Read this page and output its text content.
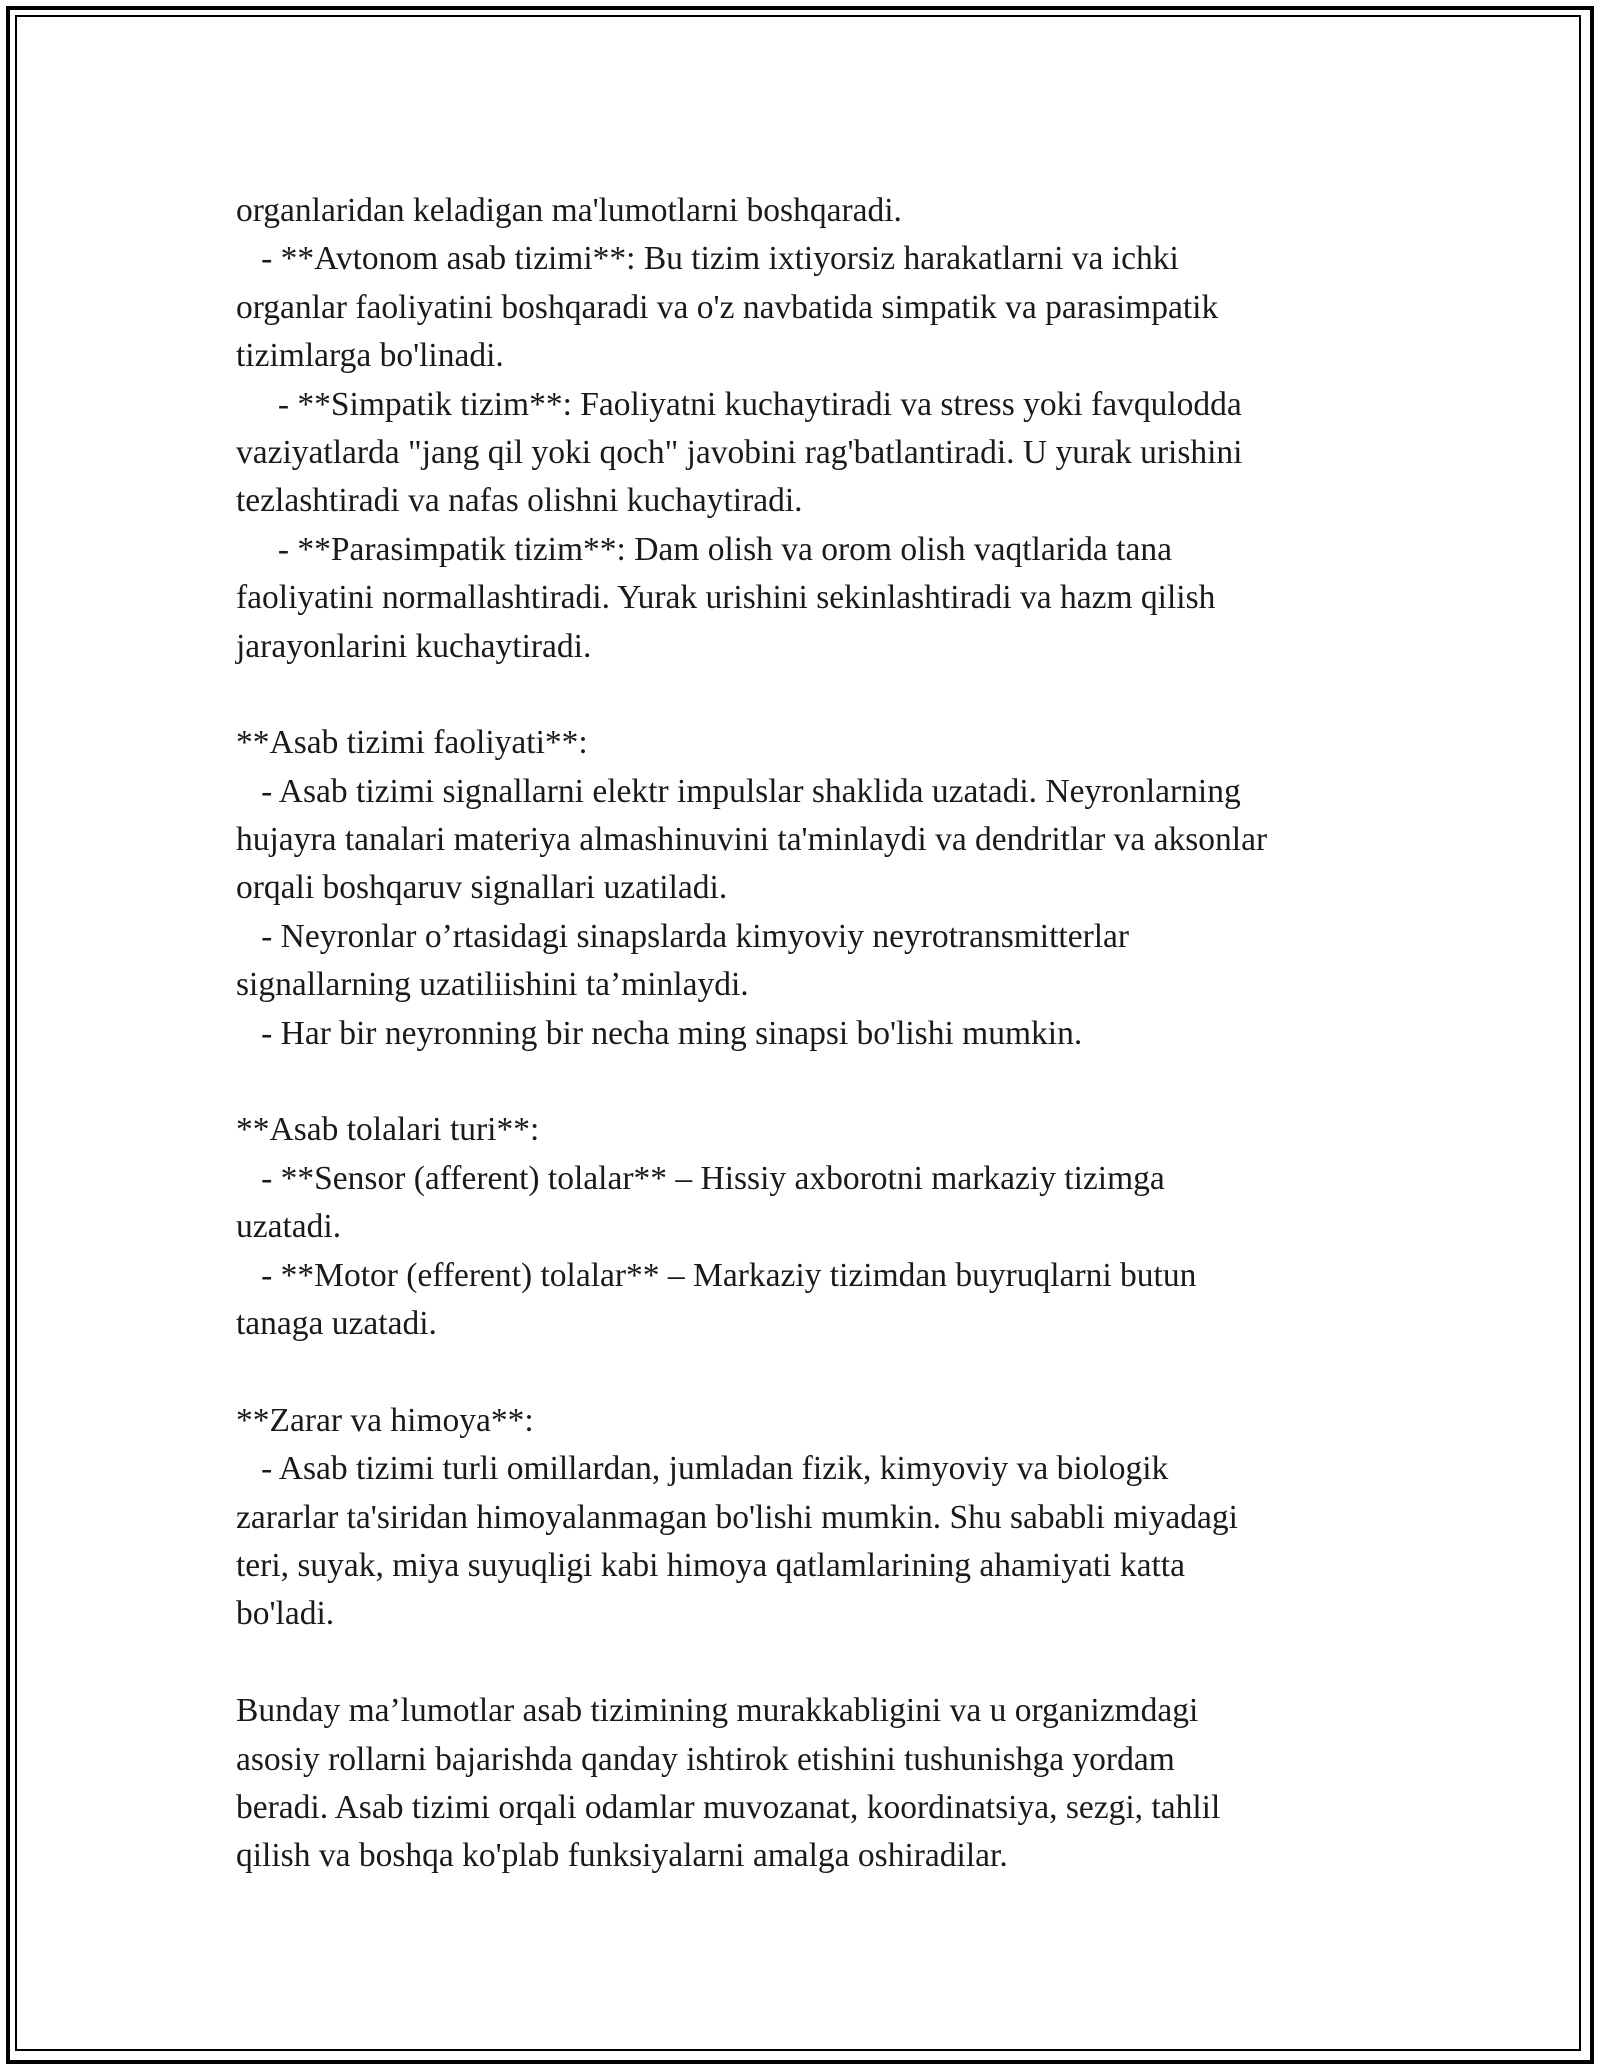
organlaridan keladigan ma'lumotlarni boshqaradi.
- **Avtonom asab tizimi**: Bu tizim ixtiyorsiz harakatlarni va ichki
organlar faoliyatini boshqaradi va o'z navbatida simpatik va parasimpatik
tizimlarga bo'linadi.
- **Simpatik tizim**: Faoliyatni kuchaytiradi va stress yoki favqulodda
vaziyatlarda "jang qil yoki qoch" javobini rag'batlantiradi. U yurak urishini
tezlashtiradi va nafas olishni kuchaytiradi.
- **Parasimpatik tizim**: Dam olish va orom olish vaqtlarida tana
faoliyatini normallashtiradi. Yurak urishini sekinlashtiradi va hazm qilish
jarayonlarini kuchaytiradi.
**Asab tizimi faoliyati**:
- Asab tizimi signallarni elektr impulslar shaklida uzatadi. Neyronlarning
hujayra tanalari materiya almashinuvini ta'minlaydi va dendritlar va aksonlar
orqali boshqaruv signallari uzatiladi.
- Neyronlar o’rtasidagi sinapslarda kimyoviy neyrotransmitterlar
signallarning uzatiliishini ta’minlaydi.
- Har bir neyronning bir necha ming sinapsi bo'lishi mumkin.
**Asab tolalari turi**:
- **Sensor (afferent) tolalar** – Hissiy axborotni markaziy tizimga
uzatadi.
- **Motor (efferent) tolalar** – Markaziy tizimdan buyruqlarni butun
tanaga uzatadi.
**Zarar va himoya**:
- Asab tizimi turli omillardan, jumladan fizik, kimyoviy va biologik
zararlar ta'siridan himoyalanmagan bo'lishi mumkin. Shu sababli miyadagi
teri, suyak, miya suyuqligi kabi himoya qatlamlarining ahamiyati katta
bo'ladi.
Bunday ma’lumotlar asab tizimining murakkabligini va u organizmdagi
asosiy rollarni bajarishda qanday ishtirok etishini tushunishga yordam
beradi. Asab tizimi orqali odamlar muvozanat, koordinatsiya, sezgi, tahlil
qilish va boshqa ko'plab funksiyalarni amalga oshiradilar.
